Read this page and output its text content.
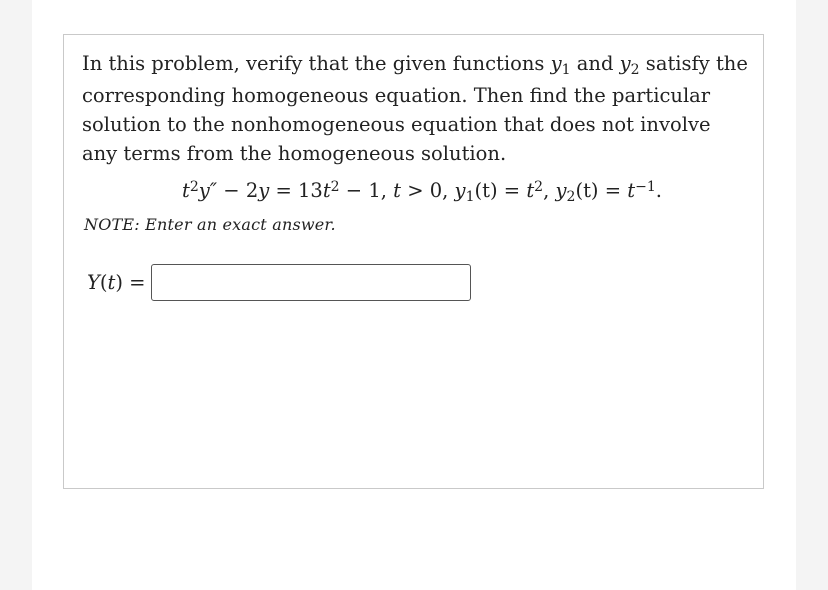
In this problem, verify that the given functions $y_1$ and $y_2$ satisfy the corresponding homogeneous equation. Then find the particular solution to the nonhomogeneous equation that does not involve any terms from the homogeneous solution.

$t^2y'' - 2y = 13t^2 - 1$, t > 0, $y_1(t) = t^2$, $y_2(t) = t^{-1}$.
NOTE: Enter an exact answer.
Y(t) =
